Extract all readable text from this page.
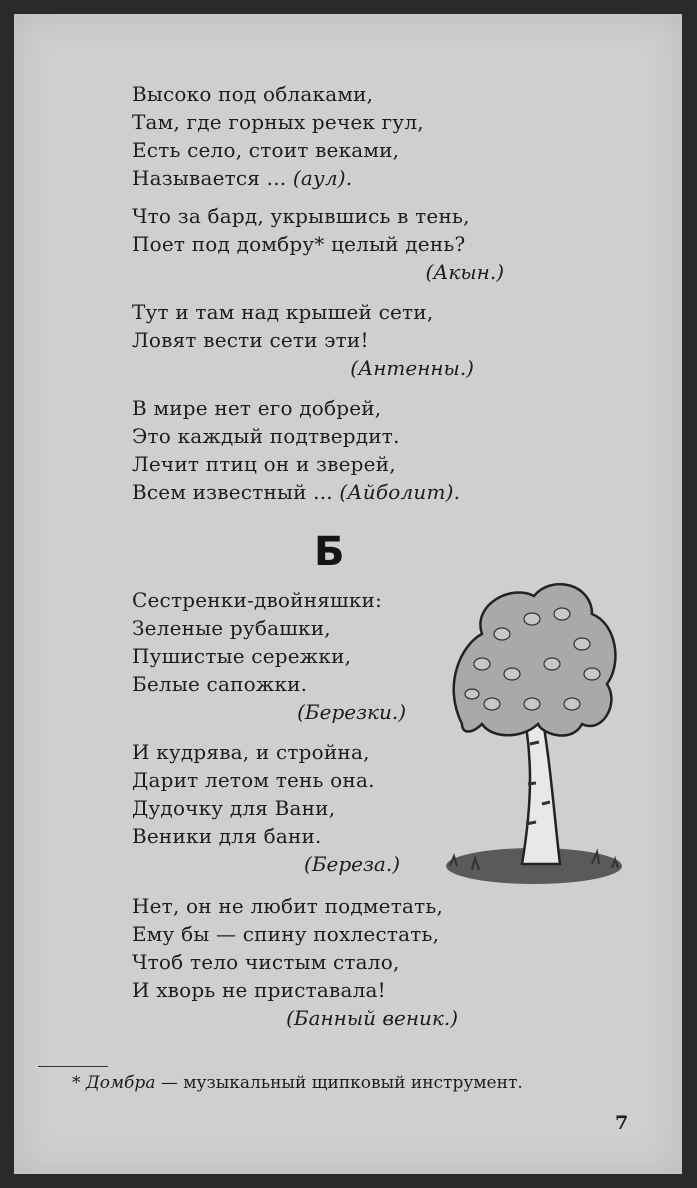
Высоко под облаками,
Там, где горных речек гул,
Есть село, стоит веками,
Называется ... (аул).
Что за бард, укрывшись в тень,
Поет под домбру* целый день?
(Акын.)
Тут и там над крышей сети,
Ловят вести сети эти!
(Антенны.)
В мире нет его добрей,
Это каждый подтвердит.
Лечит птиц он и зверей,
Всем известный ... (Айболит).
Б
Сестренки-двойняшки:
Зеленые рубашки,
Пушистые сережки,
Белые сапожки.
(Березки.)
И кудрява, и стройна,
Дарит летом тень она.
Дудочку для Вани,
Веники для бани.
(Береза.)
Нет, он не любит подметать,
Ему бы — спину похлестать,
Чтоб тело чистым стало,
И хворь не приставала!
(Банный веник.)
* Домбра — музыкальный щипковый инструмент.
7
